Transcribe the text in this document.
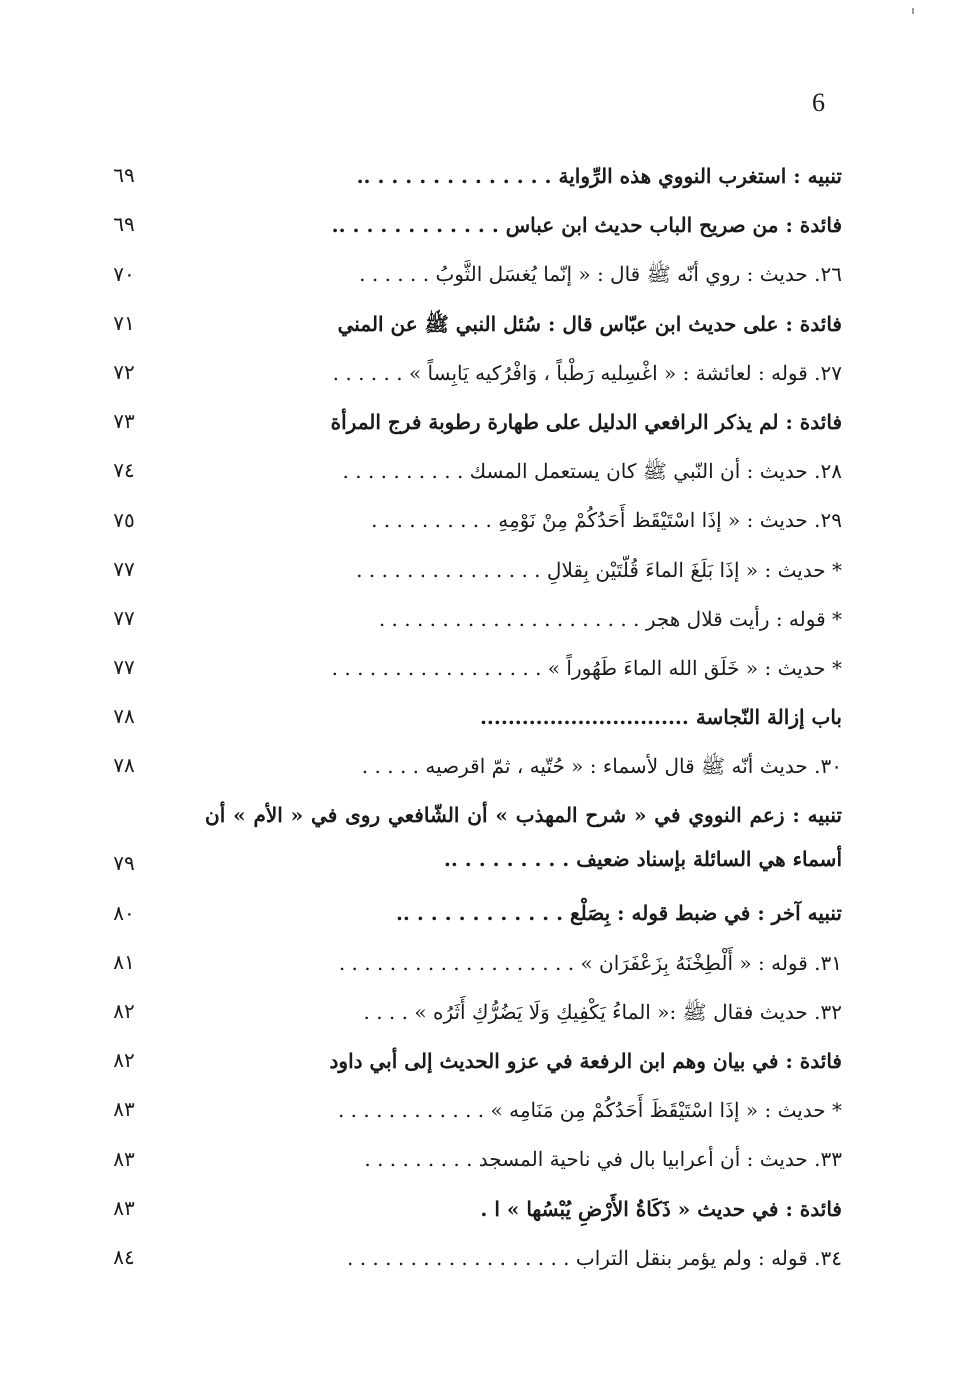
6
تنبيه : استغرب النووي هذه الرِّواية . . . . . . . . . . . . . ..
٦٩
فائدة : من صريح الباب حديث ابن عباس . . . . . . . . . . . ..
٦٩
٢٦. حديث : روي أنّه ﷺ قال : « إنّما يُغسَل الثَّوبُ . . . . . .
٧٠
فائدة : على حديث ابن عبّاس قال : سُئل النبي ﷺ عن المني
٧١
٢٧. قوله : لعائشة : « اغْسِليه رَطْباً ، وَافْرُكيه يَابِساً » . . . . . .
٧٢
فائدة : لم يذكر الرافعي الدليل على طهارة رطوبة فرج المرأة
٧٣
٢٨. حديث : أن النّبي ﷺ كان يستعمل المسك . . . . . . . . . .
٧٤
٢٩. حديث : « إذَا اسْتَيْقَظ أَحَدُكُمْ مِنْ نَوْمِهِ . . . . . . . . . .
٧٥
* حديث : « إذَا بَلَغَ الماءَ قُلّتَيْن بِقلالِ . . . . . . . . . . . . . . .
٧٧
* قوله : رأيت قلال هجر . . . . . . . . . . . . . . . . . . . . .
٧٧
* حديث : « خَلَق الله الماءَ طَهُوراً » . . . . . . . . . . . . . . . . .
٧٧
باب إزالة النّجاسة ..............................
٧٨
٣٠. حديث أنّه ﷺ قال لأسماء : « حُتّيه ، ثمّ اقرصيه . . . . .
٧٨
تنبيه : زعم النووي في « شرح المهذب » أن الشّافعي روى في « الأم » أن أسماء هي السائلة بإسناد ضعيف . . . . . . . . ..
٧٩
تنبيه آخر : في ضبط قوله : بِصَلْع . . . . . . . . . . . ..
٨٠
٣١. قوله : « أَلْطِخْنَهُ بِزَعْفَرَان » . . . . . . . . . . . . . . . . . . .
٨١
٣٢. حديث فقال ﷺ :« الماءُ يَكْفِيكِ وَلَا يَضُرُّكِ أَثَرُه » . . . .
٨٢
فائدة : في بيان وهم ابن الرفعة في عزو الحديث إلى أبي داود
٨٢
* حديث : « إذَا اسْتَيْقَظَ أَحَدُكُمْ مِن مَنَامِه » . . . . . . . . . . . .
٨٣
٣٣. حديث : أن أعرابيا بال في ناحية المسجد . . . . . . . . .
٨٣
فائدة : في حديث « ذَكَاةُ الأَرْضِ يُبْسُها » ا .
٨٣
٣٤. قوله : ولم يؤمر بنقل التراب . . . . . . . . . . . . . . . . . .
٨٤
